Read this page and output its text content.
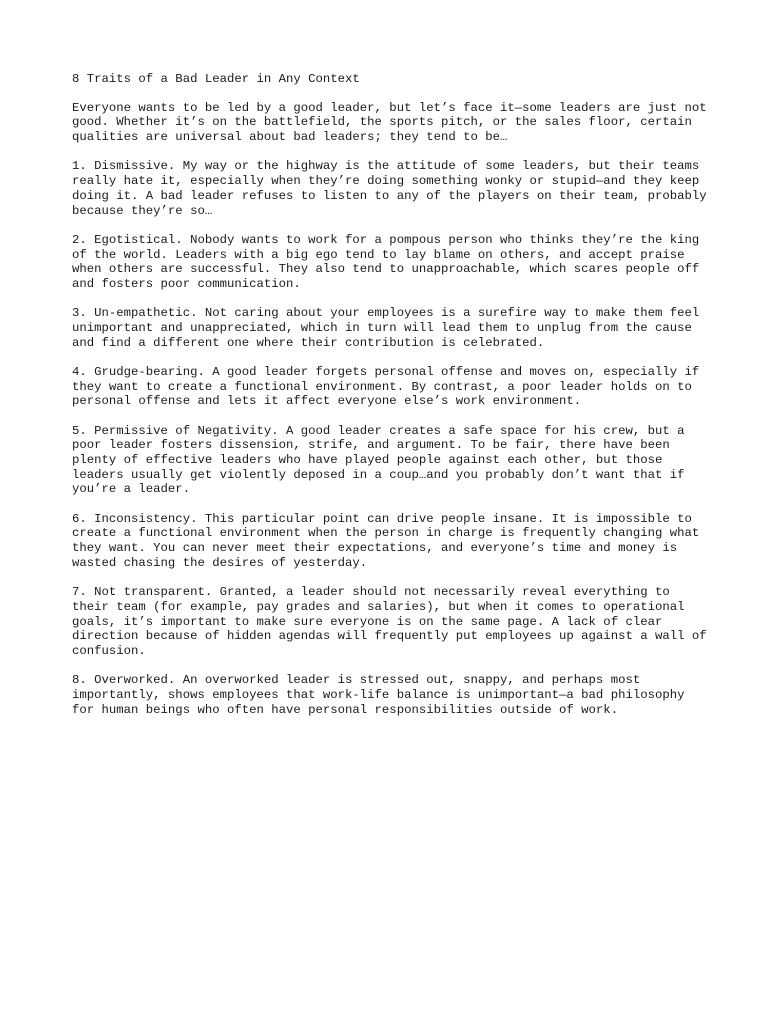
8 Traits of a Bad Leader in Any Context

Everyone wants to be led by a good leader, but let’s face it—some leaders are just not good. Whether it’s on the battlefield, the sports pitch, or the sales floor, certain qualities are universal about bad leaders; they tend to be…

1. Dismissive. My way or the highway is the attitude of some leaders, but their teams really hate it, especially when they’re doing something wonky or stupid—and they keep doing it. A bad leader refuses to listen to any of the players on their team, probably because they’re so…

2. Egotistical. Nobody wants to work for a pompous person who thinks they’re the king of the world. Leaders with a big ego tend to lay blame on others, and accept praise when others are successful. They also tend to unapproachable, which scares people off and fosters poor communication.

3. Un-empathetic. Not caring about your employees is a surefire way to make them feel unimportant and unappreciated, which in turn will lead them to unplug from the cause and find a different one where their contribution is celebrated.

4. Grudge-bearing. A good leader forgets personal offense and moves on, especially if they want to create a functional environment. By contrast, a poor leader holds on to personal offense and lets it affect everyone else’s work environment.

5. Permissive of Negativity. A good leader creates a safe space for his crew, but a poor leader fosters dissension, strife, and argument. To be fair, there have been plenty of effective leaders who have played people against each other, but those leaders usually get violently deposed in a coup…and you probably don’t want that if you’re a leader.

6. Inconsistency. This particular point can drive people insane. It is impossible to create a functional environment when the person in charge is frequently changing what they want. You can never meet their expectations, and everyone’s time and money is wasted chasing the desires of yesterday.

7. Not transparent. Granted, a leader should not necessarily reveal everything to their team (for example, pay grades and salaries), but when it comes to operational goals, it’s important to make sure everyone is on the same page. A lack of clear direction because of hidden agendas will frequently put employees up against a wall of confusion.

8. Overworked. An overworked leader is stressed out, snappy, and perhaps most importantly, shows employees that work-life balance is unimportant—a bad philosophy for human beings who often have personal responsibilities outside of work.
